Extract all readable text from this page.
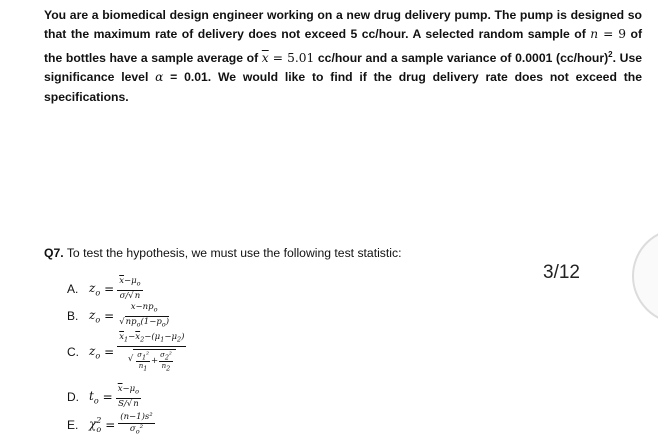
You are a biomedical design engineer working on a new drug delivery pump. The pump is designed so that the maximum rate of delivery does not exceed 5 cc/hour. A selected random sample of n = 9 of the bottles have a sample average of $\overline{x} = 5.01$ cc/hour and a sample variance of 0.0001 (cc/hour)$^2$. Use significance level α = 0.01. We would like to find if the drug delivery rate does not exceed the specifications.

Q7. To test the hypothesis, we must use the following test statistic:

A. $z_o = \frac{\overline{x}-\mu_o}{\sigma/√n}$
B. $z_o = \frac{x-np_o}{√np_o(1-p_o)}$
C. $z_o = \overline{x}_1-\overline{x}_2-(\mu_1-\mu_2)$
√ $\sigma_1^2$
$n_1$
+
$\sigma_2^2$
$n_2$
D. $t_o = \frac{\overline{x}-\mu_o}{S/√n}$
E. $\chi^2_o = \frac{\text{(n−1)s²}}{\sigma_o^2}$
3/12
